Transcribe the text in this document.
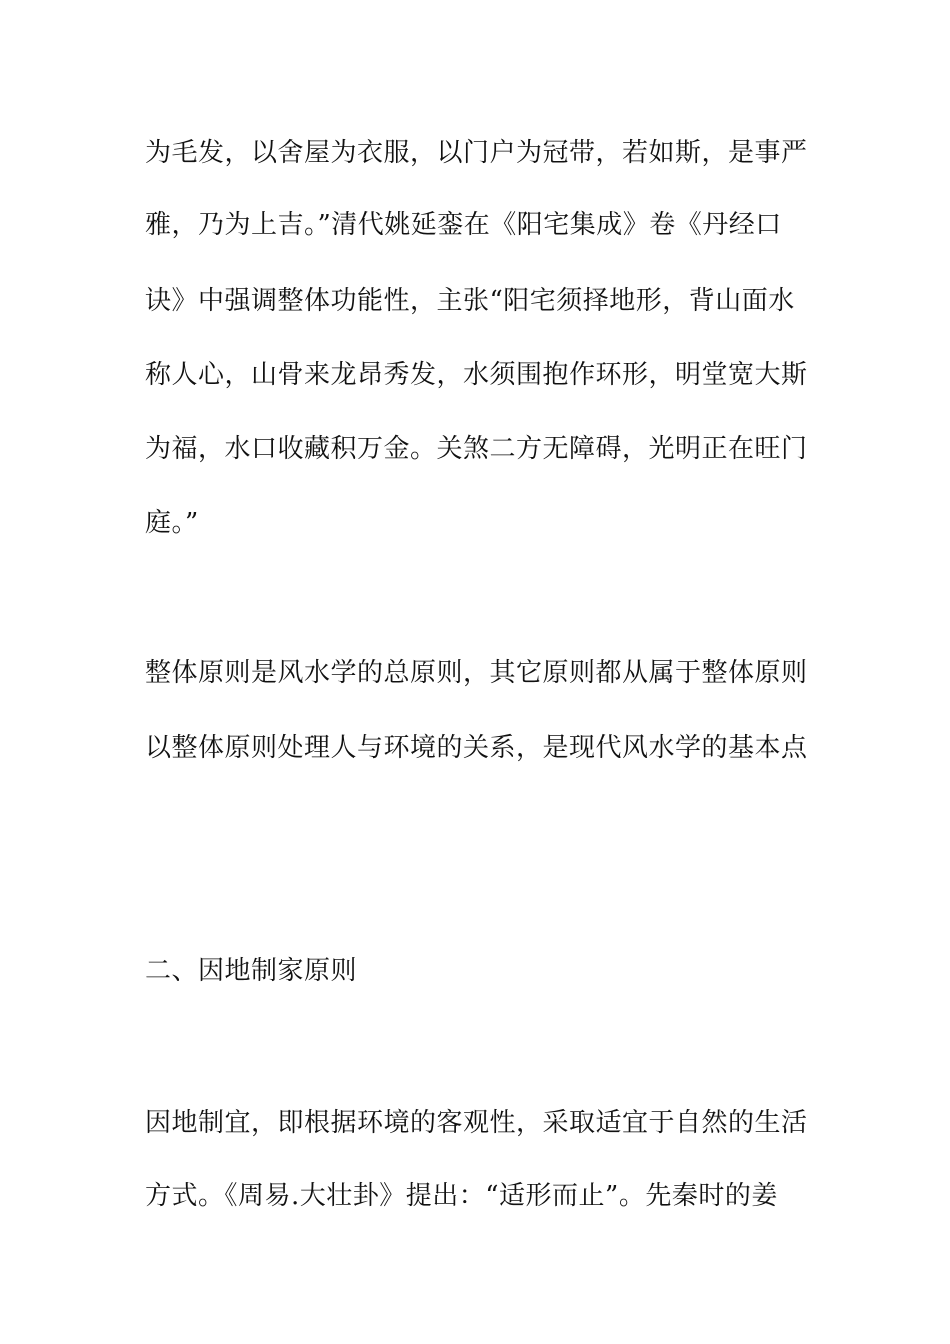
为毛发，以舍屋为衣服，以门户为冠带，若如斯，是事严
雅，乃为上吉。”清代姚延銮在《阳宅集成》卷《丹经口
诀》中强调整体功能性，主张“阳宅须择地形，背山面水
称人心，山骨来龙昂秀发，水须围抱作环形，明堂宽大斯
为福，水口收藏积万金。关煞二方无障碍，光明正在旺门
庭。”
整体原则是风水学的总原则，其它原则都从属于整体原则
以整体原则处理人与环境的关系，是现代风水学的基本点
二、因地制家原则
因地制宜，即根据环境的客观性，采取适宜于自然的生活
方式。《周易.大壮卦》提出：“适形而止”。先秦时的姜
